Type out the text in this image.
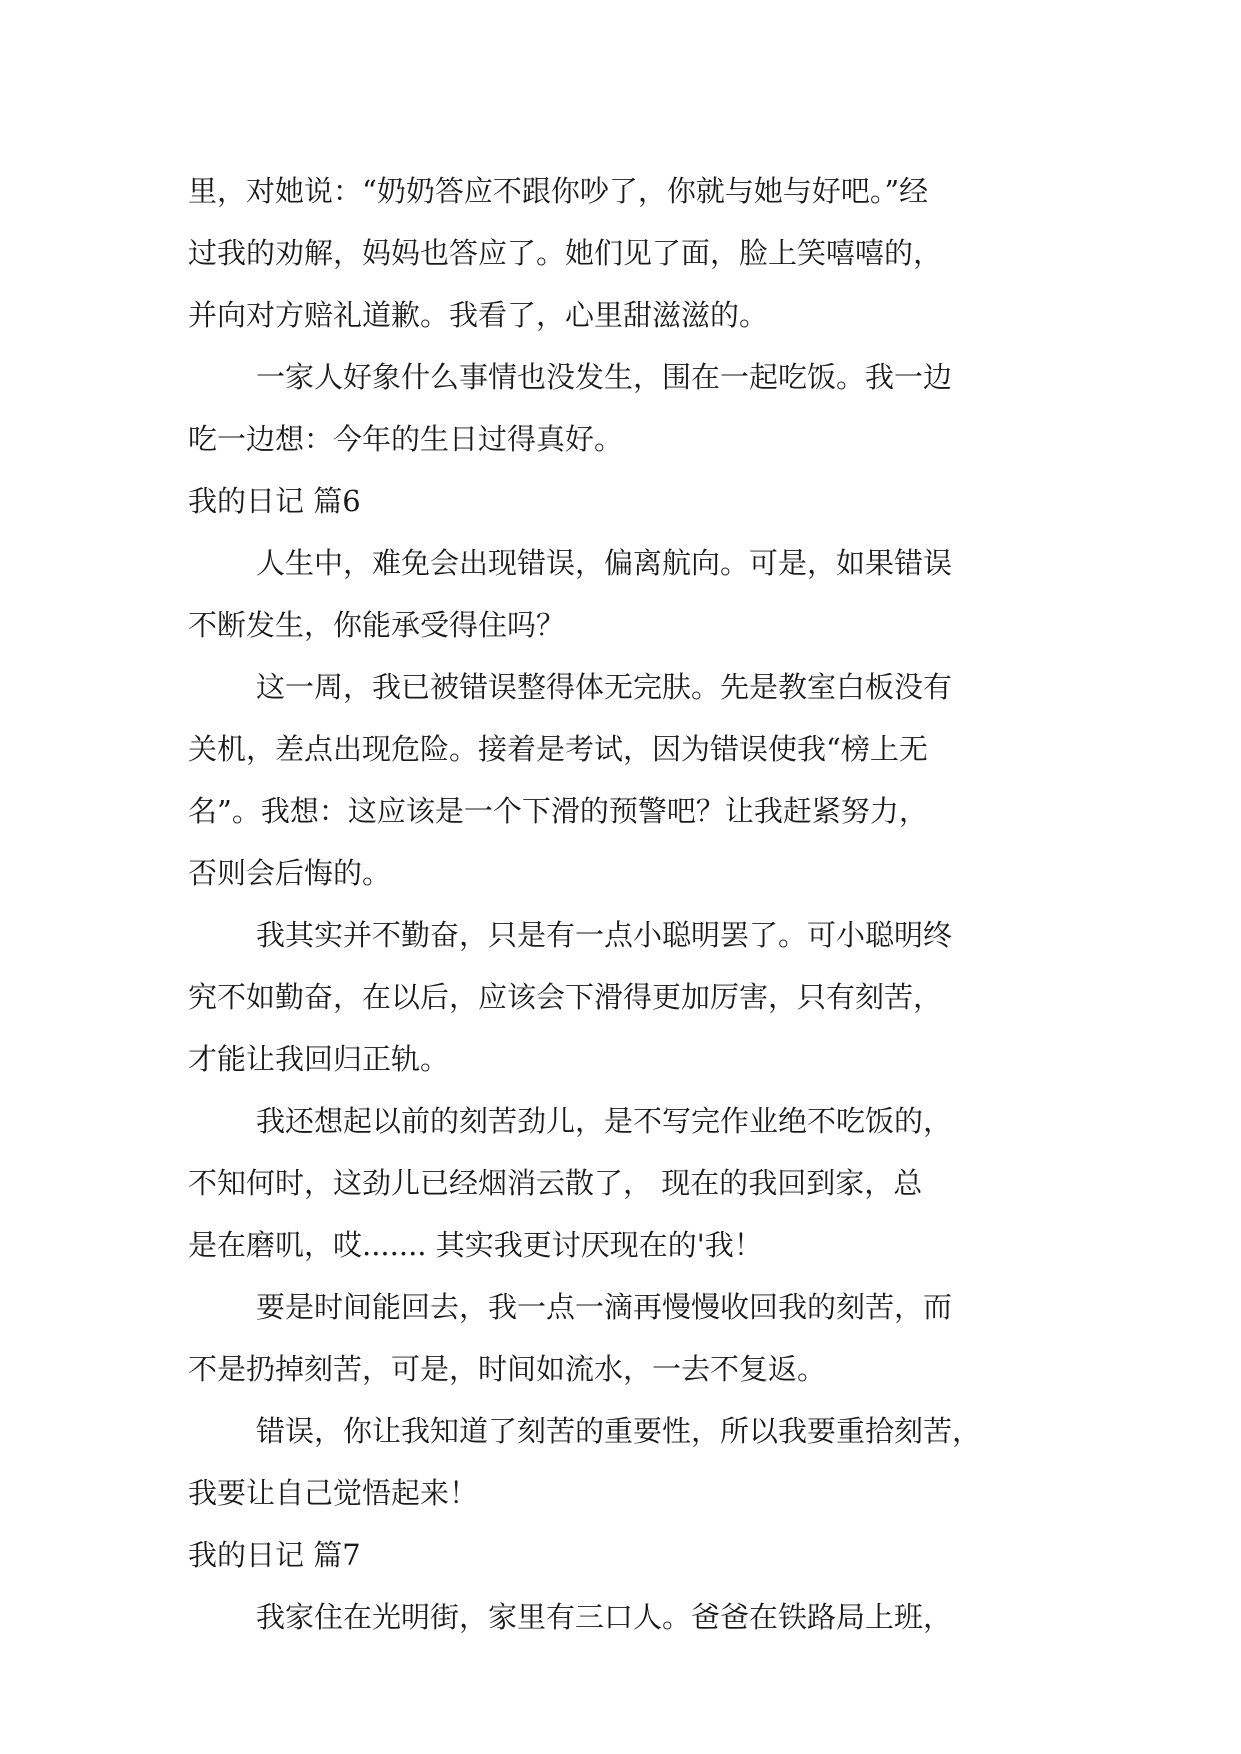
里，对她说：“奶奶答应不跟你吵了，你就与她与好吧。”经
过我的劝解，妈妈也答应了。她们见了面，脸上笑嘻嘻的，
并向对方赔礼道歉。我看了，心里甜滋滋的。
一家人好象什么事情也没发生，围在一起吃饭。我一边
吃一边想：今年的生日过得真好。
我的日记 篇6
人生中，难免会出现错误，偏离航向。可是，如果错误
不断发生，你能承受得住吗？
这一周，我已被错误整得体无完肤。先是教室白板没有
关机，差点出现危险。接着是考试，因为错误使我“榜上无
名”。我想：这应该是一个下滑的预警吧？让我赶紧努力，
否则会后悔的。
我其实并不勤奋，只是有一点小聪明罢了。可小聪明终
究不如勤奋，在以后，应该会下滑得更加厉害，只有刻苦，
才能让我回归正轨。
我还想起以前的刻苦劲儿，是不写完作业绝不吃饭的，
不知何时，这劲儿已经烟消云散了， 现在的我回到家，总
是在磨叽，哎....... 其实我更讨厌现在的'我！
要是时间能回去，我一点一滴再慢慢收回我的刻苦，而
不是扔掉刻苦，可是，时间如流水，一去不复返。
错误，你让我知道了刻苦的重要性，所以我要重拾刻苦，
我要让自己觉悟起来！
我的日记 篇7
我家住在光明街，家里有三口人。爸爸在铁路局上班，
